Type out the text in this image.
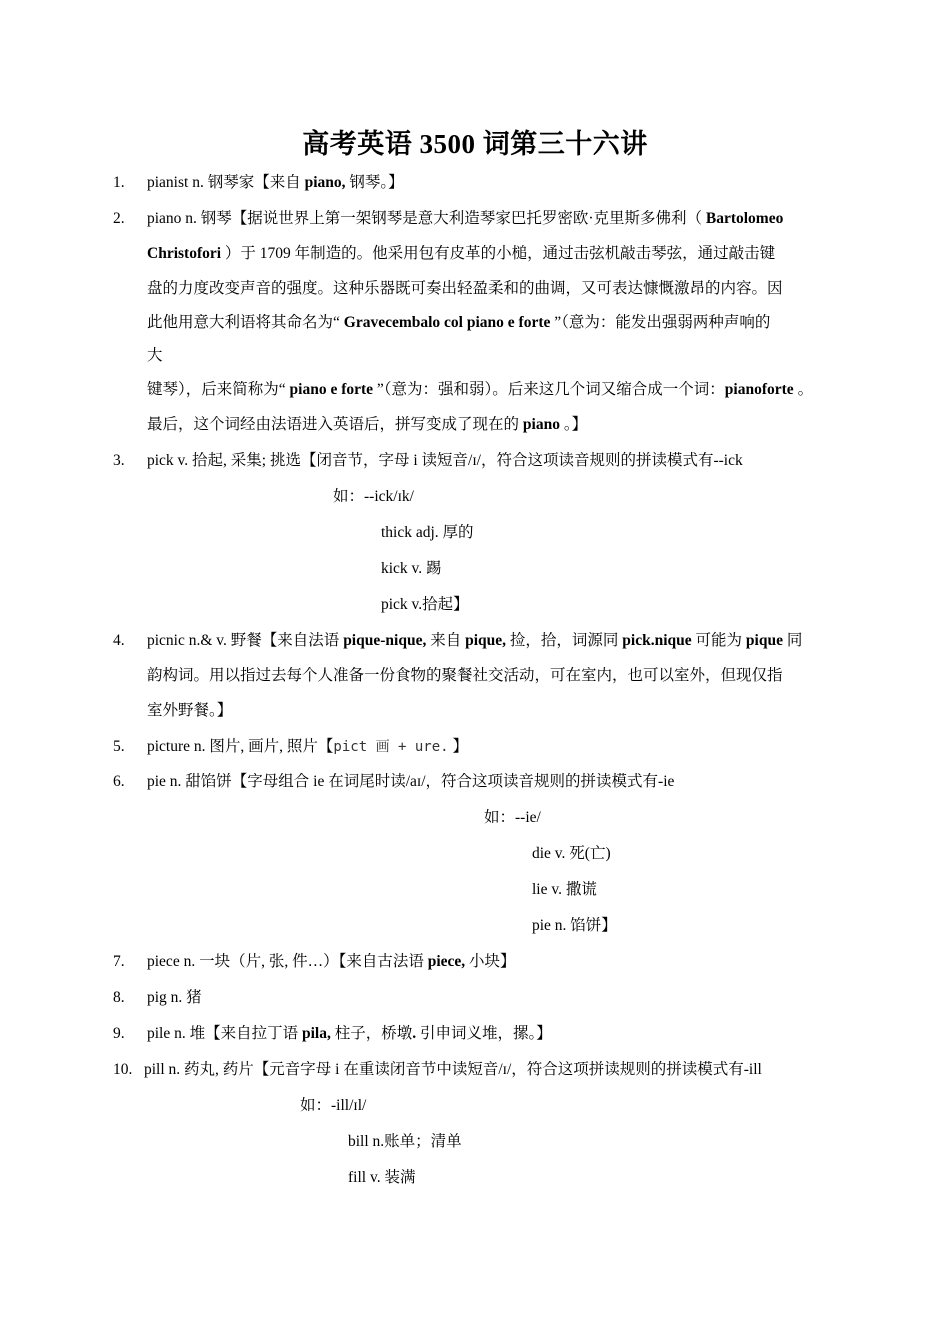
高考英语 3500 词第三十六讲
1. pianist n. 钢琴家【来自 piano, 钢琴。】
2. piano n. 钢琴【据说世界上第一架钢琴是意大利造琴家巴托罗密欧·克里斯多佛利（ Bartolomeo
Christofori ）于 1709 年制造的。他采用包有皮革的小槌，通过击弦机敲击琴弦，通过敲击键
盘的力度改变声音的强度。这种乐器既可奏出轻盈柔和的曲调，又可表达慷慨激昂的内容。因
此他用意大利语将其命名为“ Gravecembalo col piano e forte ”（意为：能发出强弱两种声响的
大
键琴），后来简称为“ piano e forte ”（意为：强和弱）。后来这几个词又缩合成一个词：pianoforte 。
最后，这个词经由法语进入英语后，拼写变成了现在的 piano 。】
3. pick v. 拾起, 采集; 挑选【闭音节，字母 i 读短音/ɪ/，符合这项读音规则的拼读模式有--ick
如：--ick/ɪk/
thick adj. 厚的
kick v. 踢
pick v.拾起】
4. picnic n.& v. 野餐【来自法语 pique-nique, 来自 pique, 捡，拾，词源同 pick.nique 可能为 pique 同
韵构词。用以指过去每个人准备一份食物的聚餐社交活动，可在室内，也可以室外，但现仅指
室外野餐。】
5. picture n. 图片, 画片, 照片【pict 画 + ure. 】
6. pie n. 甜馅饼【字母组合 ie 在词尾时读/aɪ/，符合这项读音规则的拼读模式有-ie
如：--ie/
die v. 死(亡)
lie v. 撒谎
pie n. 馅饼】
7. piece n. 一块（片, 张, 件…）【来自古法语 piece, 小块】
8. pig n. 猪
9. pile n. 堆【来自拉丁语 pila, 柱子，桥墩. 引申词义堆，摞。】
10. pill n. 药丸, 药片【元音字母 i 在重读闭音节中读短音/ɪ/，符合这项拼读规则的拼读模式有-ill
如：-ill/ɪl/
bill n.账单；清单
fill v. 装满
